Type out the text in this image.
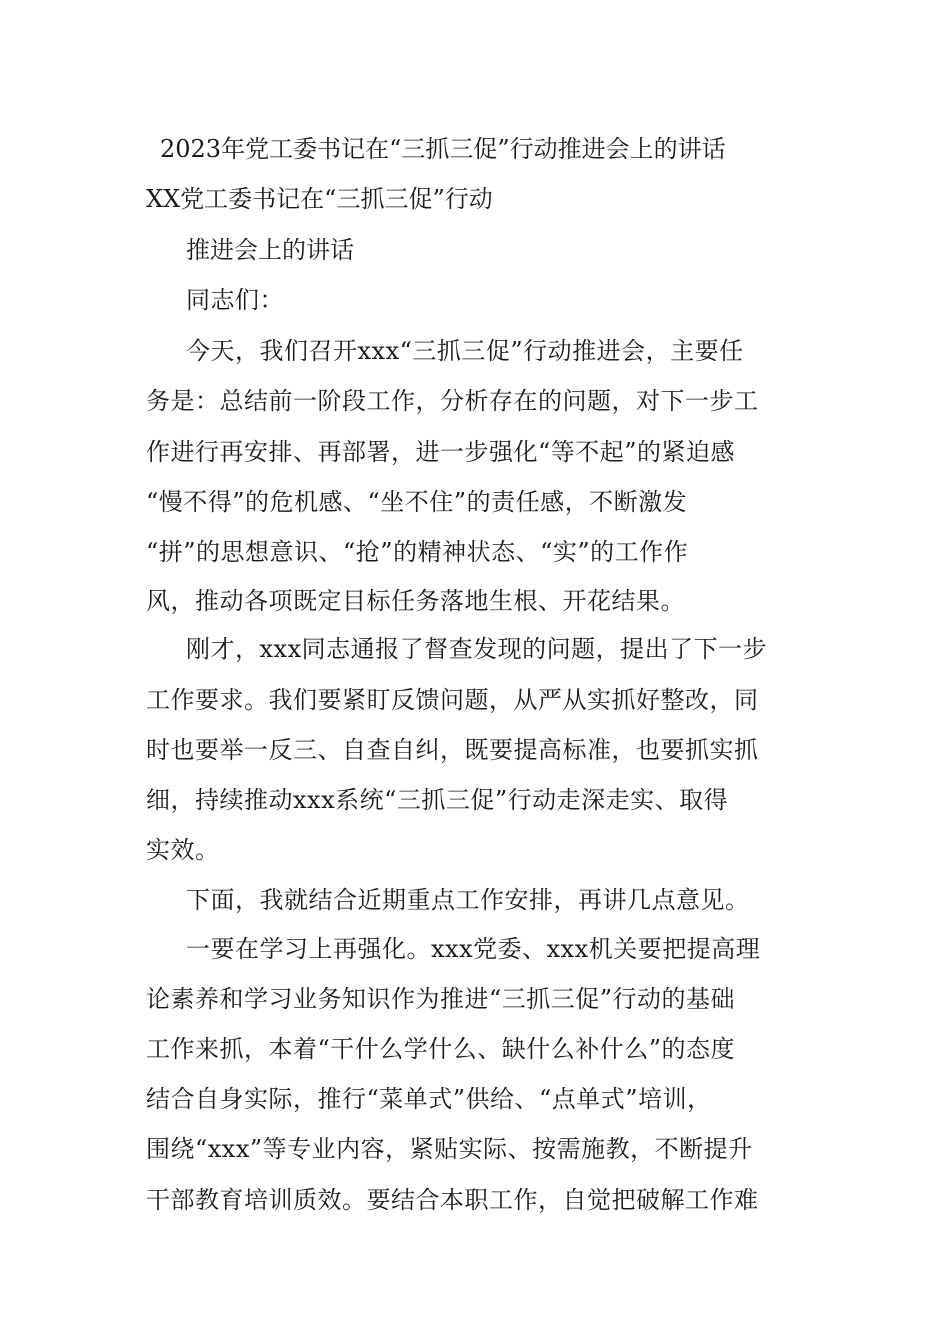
2023年党工委书记在“三抓三促”行动推进会上的讲话
XX党工委书记在“三抓三促”行动
推进会上的讲话
同志们：
今天，我们召开xxx“三抓三促”行动推进会，主要任
务是：总结前一阶段工作，分析存在的问题，对下一步工
作进行再安排、再部署，进一步强化“等不起”的紧迫感
“慢不得”的危机感、“坐不住”的责任感，不断激发
“拼”的思想意识、“抢”的精神状态、“实”的工作作
风，推动各项既定目标任务落地生根、开花结果。
刚才，xxx同志通报了督查发现的问题，提出了下一步
工作要求。我们要紧盯反馈问题，从严从实抓好整改，同
时也要举一反三、自查自纠，既要提高标准，也要抓实抓
细，持续推动xxx系统“三抓三促”行动走深走实、取得
实效。
下面，我就结合近期重点工作安排，再讲几点意见。
一要在学习上再强化。xxx党委、xxx机关要把提高理
论素养和学习业务知识作为推进“三抓三促”行动的基础
工作来抓，本着“干什么学什么、缺什么补什么”的态度
结合自身实际，推行“菜单式”供给、“点单式”培训，
围绕“xxx”等专业内容，紧贴实际、按需施教，不断提升
干部教育培训质效。要结合本职工作，自觉把破解工作难
